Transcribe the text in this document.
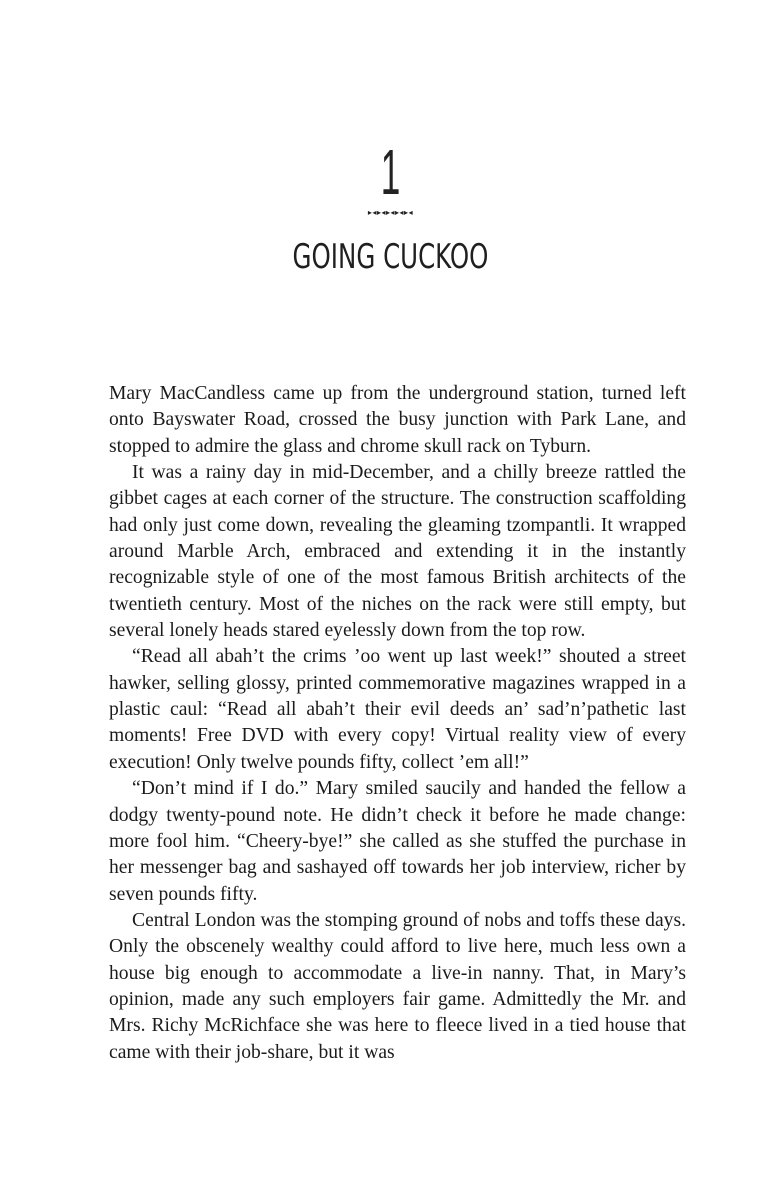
1
▸◂▸◂▸◂▸◂▸◂
GOING CUCKOO

Mary MacCandless came up from the underground station, turned left onto Bayswater Road, crossed the busy junction with Park Lane, and stopped to admire the glass and chrome skull rack on Tyburn.

It was a rainy day in mid-December, and a chilly breeze rattled the gibbet cages at each corner of the structure. The construction scaffolding had only just come down, revealing the gleaming tzompantli. It wrapped around Marble Arch, embraced and extending it in the instantly recognizable style of one of the most famous British architects of the twentieth century. Most of the niches on the rack were still empty, but several lonely heads stared eyelessly down from the top row.

“Read all abah’t the crims ’oo went up last week!” shouted a street hawker, selling glossy, printed commemorative magazines wrapped in a plastic caul: “Read all abah’t their evil deeds an’ sad’n’pathetic last moments! Free DVD with every copy! Virtual reality view of every execution! Only twelve pounds fifty, collect ’em all!”

“Don’t mind if I do.” Mary smiled saucily and handed the fellow a dodgy twenty-pound note. He didn’t check it before he made change: more fool him. “Cheery-bye!” she called as she stuffed the purchase in her messenger bag and sashayed off towards her job interview, richer by seven pounds fifty.

Central London was the stomping ground of nobs and toffs these days. Only the obscenely wealthy could afford to live here, much less own a house big enough to accommodate a live-in nanny. That, in Mary’s opinion, made any such employers fair game. Admittedly the Mr. and Mrs. Richy McRichface she was here to fleece lived in a tied house that came with their job-share, but it was
